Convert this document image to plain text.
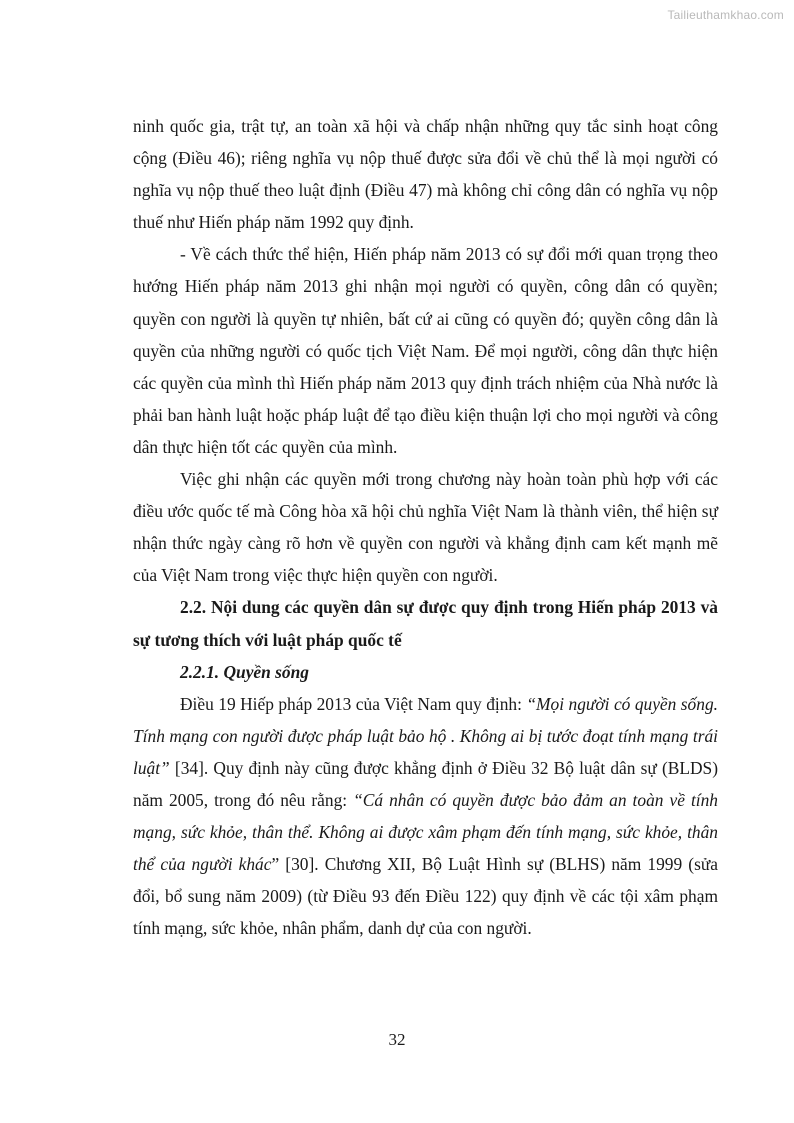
Tailieuthamkhao.com

ninh quốc gia, trật tự, an toàn xã hội và chấp nhận những quy tắc sinh hoạt công cộng (Điều 46); riêng nghĩa vụ nộp thuế được sửa đổi về chủ thể là mọi người có nghĩa vụ nộp thuế theo luật định (Điều 47) mà không chỉ công dân có nghĩa vụ nộp thuế như Hiến pháp năm 1992 quy định.

- Về cách thức thể hiện, Hiến pháp năm 2013 có sự đổi mới quan trọng theo hướng Hiến pháp năm 2013 ghi nhận mọi người có quyền, công dân có quyền; quyền con người là quyền tự nhiên, bất cứ ai cũng có quyền đó; quyền công dân là quyền của những người có quốc tịch Việt Nam. Để mọi người, công dân thực hiện các quyền của mình thì Hiến pháp năm 2013 quy định trách nhiệm của Nhà nước là phải ban hành luật hoặc pháp luật để tạo điều kiện thuận lợi cho mọi người và công dân thực hiện tốt các quyền của mình.

Việc ghi nhận các quyền mới trong chương này hoàn toàn phù hợp với các điều ước quốc tế mà Công hòa xã hội chủ nghĩa Việt Nam là thành viên, thể hiện sự nhận thức ngày càng rõ hơn về quyền con người và khẳng định cam kết mạnh mẽ của Việt Nam trong việc thực hiện quyền con người.

2.2. Nội dung các quyền dân sự được quy định trong Hiến pháp 2013 và sự tương thích với luật pháp quốc tế

2.2.1. Quyền sống

Điều 19 Hiếp pháp 2013 của Việt Nam quy định: “Mọi người có quyền sống. Tính mạng con người được pháp luật bảo hộ . Không ai bị tước đoạt tính mạng trái luật” [34]. Quy định này cũng được khẳng định ở Điều 32 Bộ luật dân sự (BLDS) năm 2005, trong đó nêu rằng: “Cá nhân có quyền được bảo đảm an toàn về tính mạng, sức khỏe, thân thể. Không ai được xâm phạm đến tính mạng, sức khỏe, thân thể của người khác” [30]. Chương XII, Bộ Luật Hình sự (BLHS) năm 1999 (sửa đổi, bổ sung năm 2009) (từ Điều 93 đến Điều 122) quy định về các tội xâm phạm tính mạng, sức khỏe, nhân phẩm, danh dự của con người.

32
